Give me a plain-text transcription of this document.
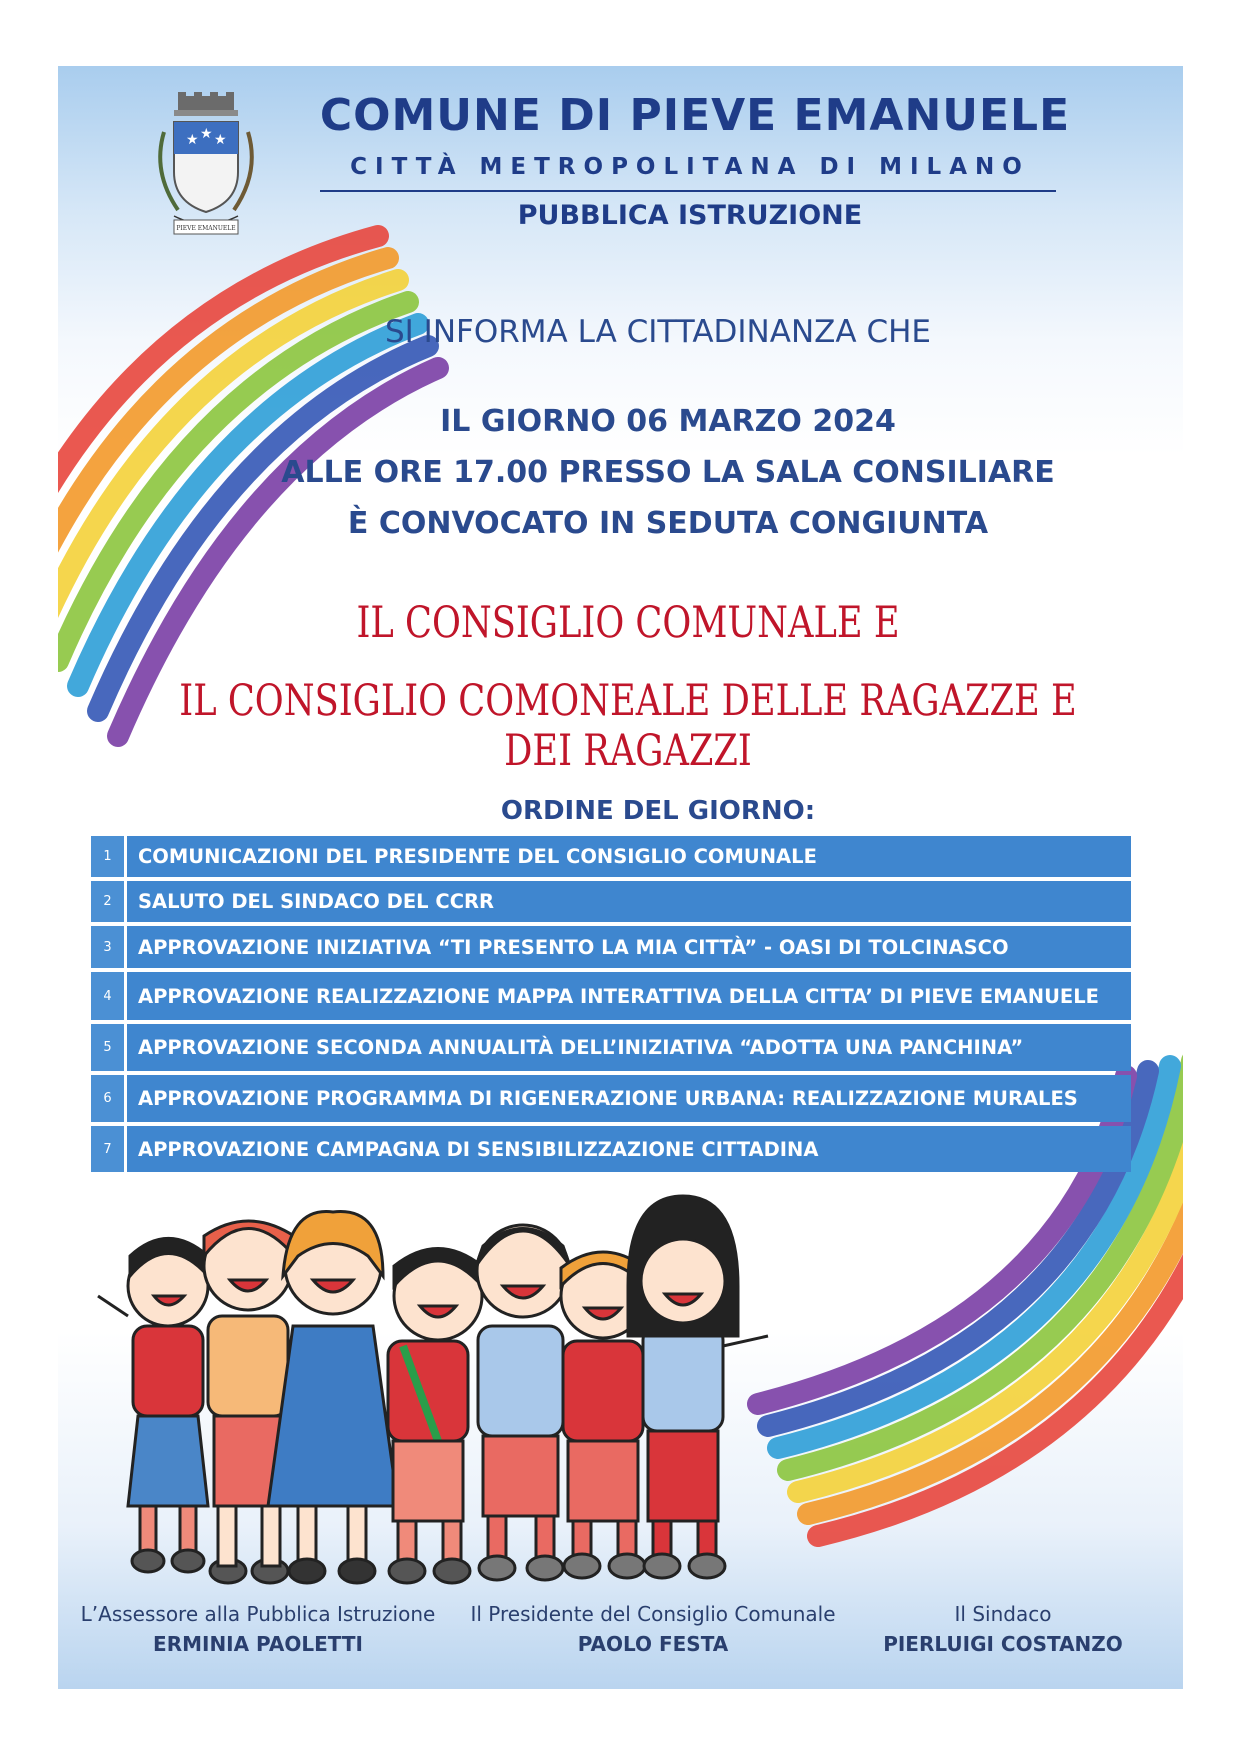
★ ★ ★
PIEVE EMANUELE
COMUNE DI PIEVE EMANUELE
CITTÀ METROPOLITANA DI MILANO
PUBBLICA ISTRUZIONE
SI INFORMA LA CITTADINANZA CHE
IL GIORNO 06 MARZO 2024
ALLE ORE 17.00 PRESSO LA SALA CONSILIARE
È CONVOCATO IN SEDUTA CONGIUNTA
IL CONSIGLIO COMUNALE E
IL CONSIGLIO COMONEALE DELLE RAGAZZE E DEI RAGAZZI
ORDINE DEL GIORNO:
1	COMUNICAZIONI DEL PRESIDENTE DEL CONSIGLIO COMUNALE
2	SALUTO DEL SINDACO DEL CCRR
3	APPROVAZIONE INIZIATIVA “TI PRESENTO LA MIA CITTÀ” - OASI DI TOLCINASCO
4	APPROVAZIONE REALIZZAZIONE MAPPA INTERATTIVA DELLA CITTA’ DI PIEVE EMANUELE
5	APPROVAZIONE SECONDA ANNUALITÀ DELL’INIZIATIVA “ADOTTA UNA PANCHINA”
6	APPROVAZIONE PROGRAMMA DI RIGENERAZIONE URBANA: REALIZZAZIONE MURALES
7	APPROVAZIONE CAMPAGNA DI SENSIBILIZZAZIONE CITTADINA
L’Assessore alla Pubblica Istruzione
ERMINIA PAOLETTI
Il Presidente del Consiglio Comunale
PAOLO FESTA
Il Sindaco
PIERLUIGI COSTANZO
